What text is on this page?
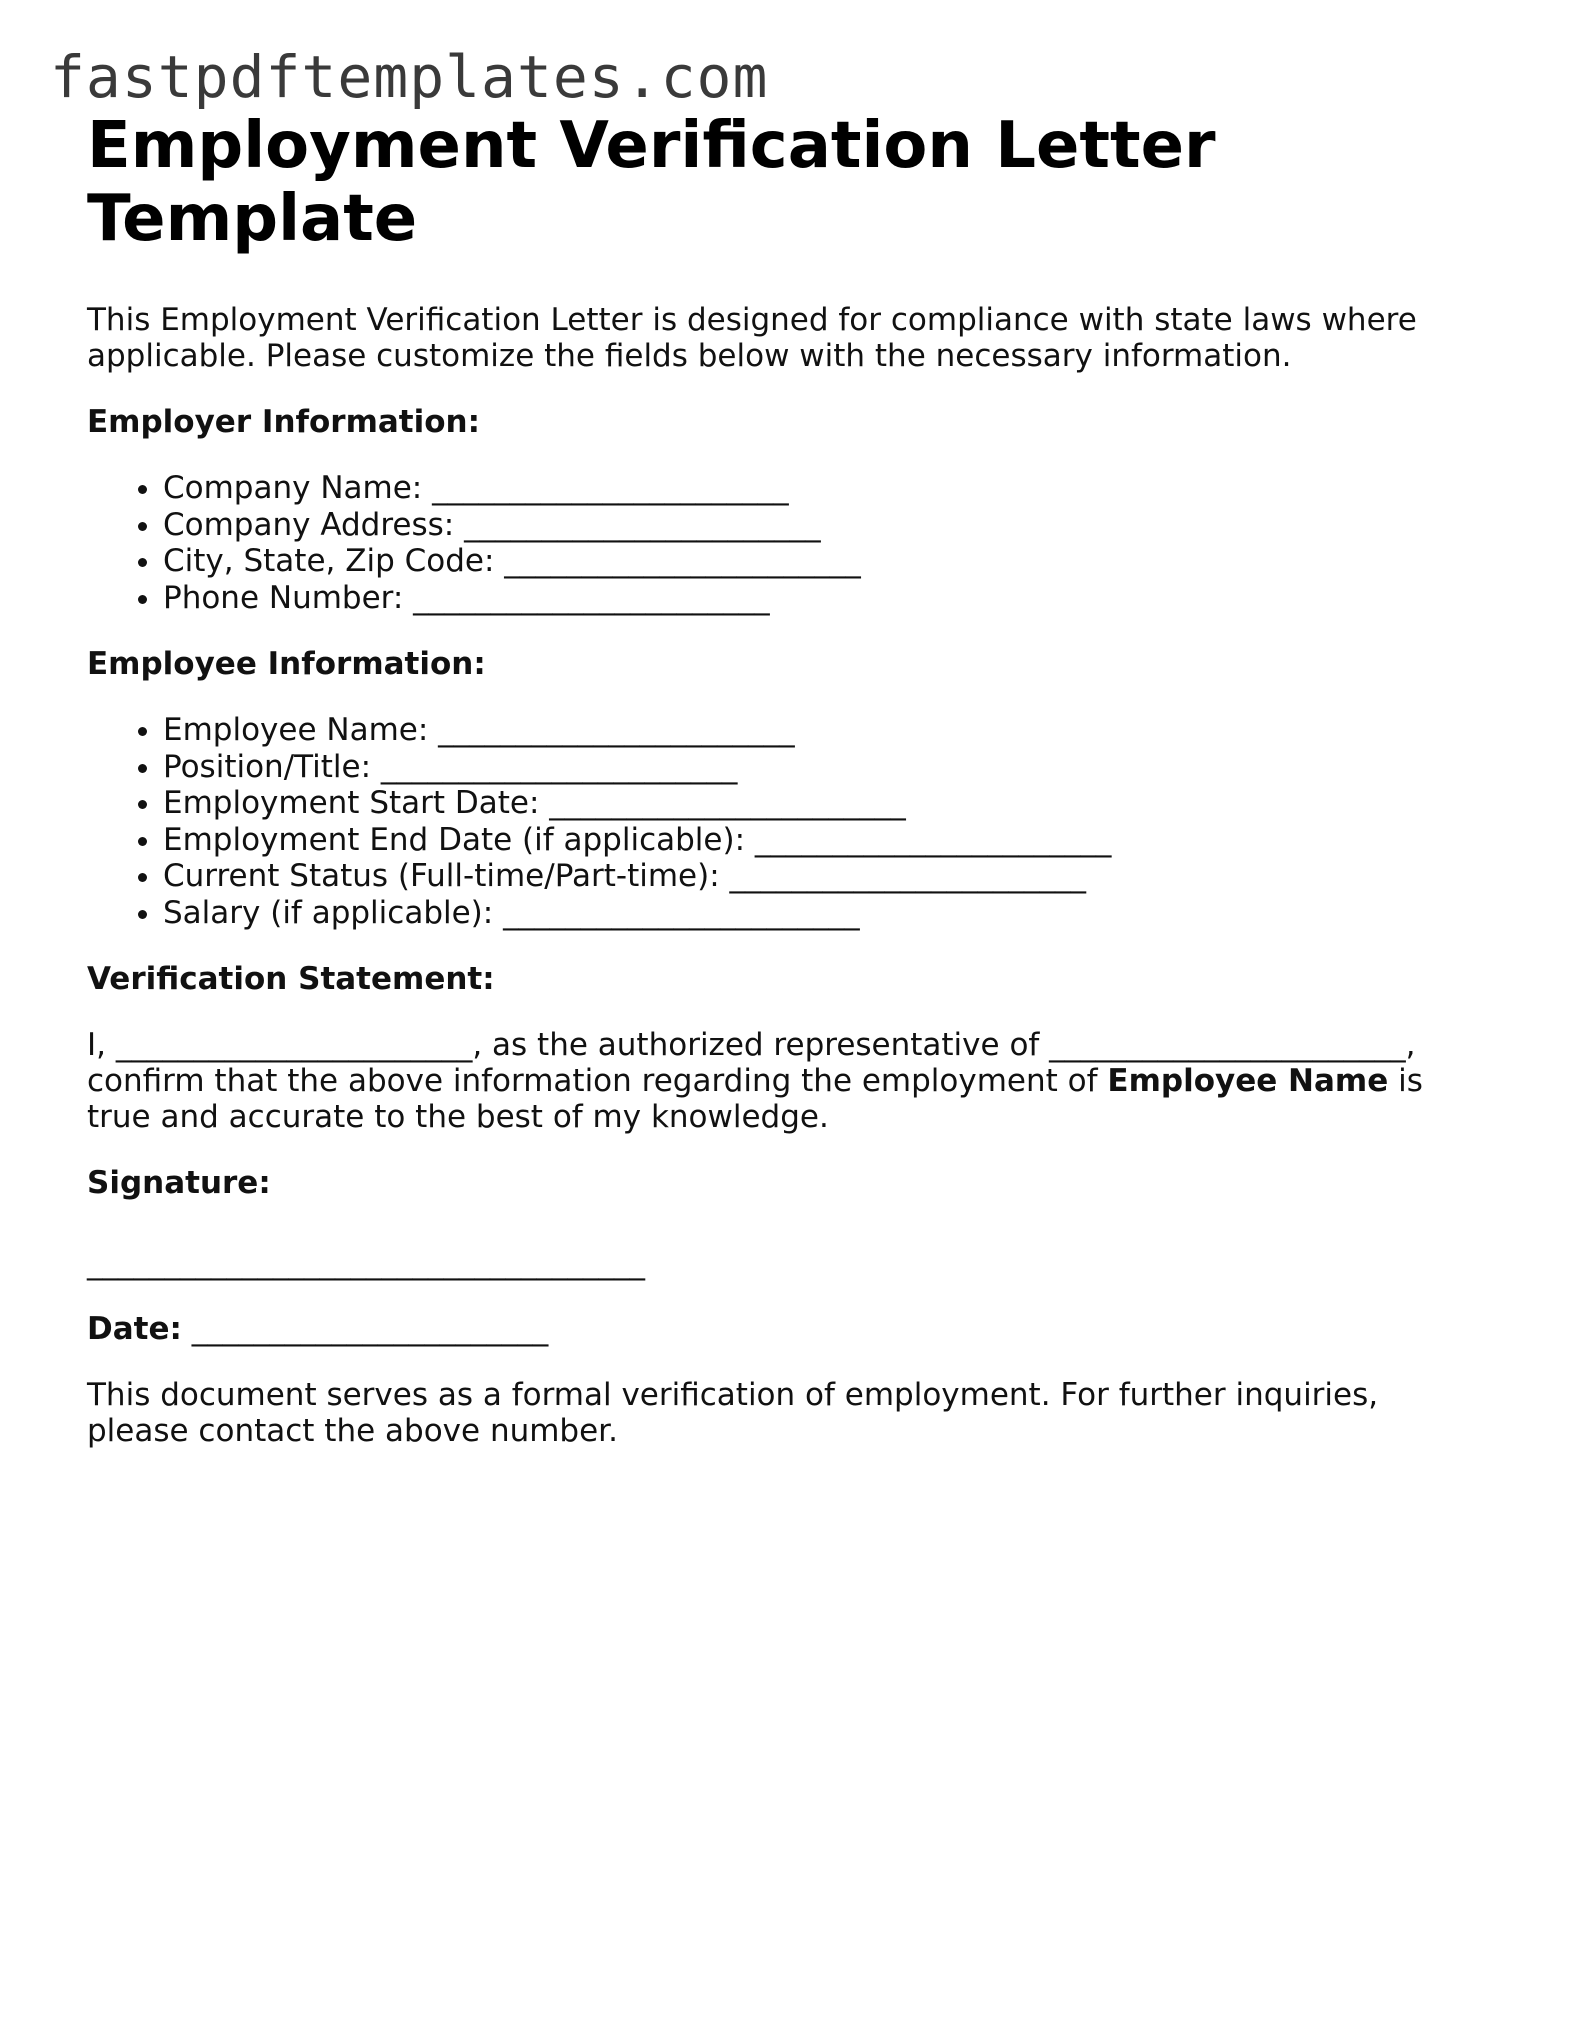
fastpdftemplates.com
Employment Verification Letter Template

This Employment Verification Letter is designed for compliance with state laws where applicable. Please customize the fields below with the necessary information.

Employer Information:

• Company Name: _______________________
• Company Address: _______________________
• City, State, Zip Code: _______________________
• Phone Number: _______________________

Employee Information:

• Employee Name: _______________________
• Position/Title: _______________________
• Employment Start Date: _______________________
• Employment End Date (if applicable): _______________________
• Current Status (Full-time/Part-time): _______________________
• Salary (if applicable): _______________________

Verification Statement:

I, _______________________, as the authorized representative of _______________________, confirm that the above information regarding the employment of Employee Name is true and accurate to the best of my knowledge.

Signature:

____________________________________

Date: _______________________

This document serves as a formal verification of employment. For further inquiries, please contact the above number.
